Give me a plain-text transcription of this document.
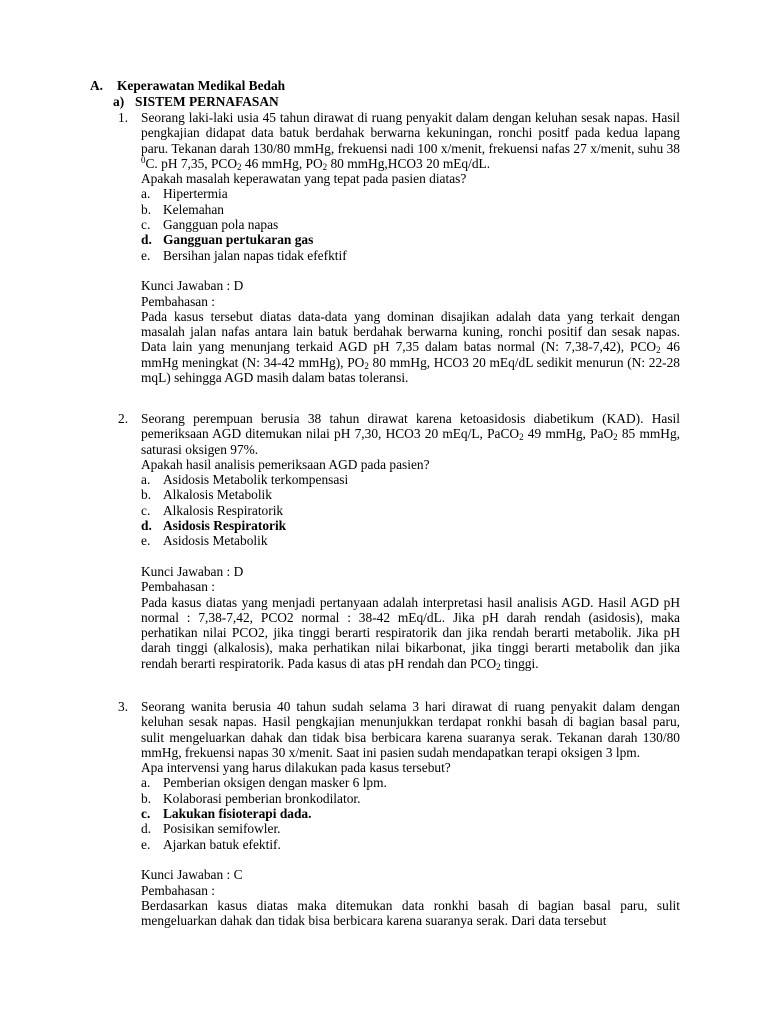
A. Keperawatan Medikal Bedah
a) SISTEM PERNAFASAN
1. Seorang laki-laki usia 45 tahun dirawat di ruang penyakit dalam dengan keluhan sesak napas. Hasil pengkajian didapat data batuk berdahak berwarna kekuningan, ronchi positf pada kedua lapang paru. Tekanan darah 130/80 mmHg, frekuensi nadi 100 x/menit, frekuensi nafas 27 x/menit, suhu 38 $^0$C. pH 7,35, $PCO_2$ 46 mmHg, $PO_2$ 80 mmHg,HCO3 20 mEq/dL.
Apakah masalah keperawatan yang tepat pada pasien diatas?
a. Hipertermia
b. Kelemahan
c. Gangguan pola napas
d. Gangguan pertukaran gas
e. Bersihan jalan napas tidak efefktif
Kunci Jawaban : D
Pembahasan :
Pada kasus tersebut diatas data-data yang dominan disajikan adalah data yang terkait dengan masalah jalan nafas antara lain batuk berdahak berwarna kuning, ronchi positif dan sesak napas. Data lain yang menunjang terkaid AGD pH 7,35 dalam batas normal (N: 7,38-7,42), $PCO_2$ 46 mmHg meningkat (N: 34-42 mmHg), $PO_2$ 80 mmHg, HCO3 20 mEq/dL sedikit menurun (N: 22-28 mqL) sehingga AGD masih dalam batas toleransi.
2. Seorang perempuan berusia 38 tahun dirawat karena ketoasidosis diabetikum (KAD). Hasil pemeriksaan AGD ditemukan nilai pH 7,30, HCO3 20 mEq/L, PaCO$_2$ 49 mmHg, PaO$_2$ 85 mmHg, saturasi oksigen 97%.
Apakah hasil analisis pemeriksaan AGD pada pasien?
a. Asidosis Metabolik terkompensasi
b. Alkalosis Metabolik
c. Alkalosis Respiratorik
d. Asidosis Respiratorik
e. Asidosis Metabolik
Kunci Jawaban : D
Pembahasan :
Pada kasus diatas yang menjadi pertanyaan adalah interpretasi hasil analisis AGD. Hasil AGD pH normal : 7,38-7,42, PCO2 normal : 38-42 mEq/dL. Jika pH darah rendah (asidosis), maka perhatikan nilai PCO2, jika tinggi berarti respiratorik dan jika rendah berarti metabolik. Jika pH darah tinggi (alkalosis), maka perhatikan nilai bikarbonat, jika tinggi berarti metabolik dan jika rendah berarti respiratorik. Pada kasus di atas pH rendah dan $PCO_2$ tinggi.
3. Seorang wanita berusia 40 tahun sudah selama 3 hari dirawat di ruang penyakit dalam dengan keluhan sesak napas. Hasil pengkajian menunjukkan terdapat ronkhi basah di bagian basal paru, sulit mengeluarkan dahak dan tidak bisa berbicara karena suaranya serak. Tekanan darah 130/80 mmHg, frekuensi napas 30 x/menit. Saat ini pasien sudah mendapatkan terapi oksigen 3 lpm.
Apa intervensi yang harus dilakukan pada kasus tersebut?
a. Pemberian oksigen dengan masker 6 lpm.
b. Kolaborasi pemberian bronkodilator.
c. Lakukan fisioterapi dada.
d. Posisikan semifowler.
e. Ajarkan batuk efektif.
Kunci Jawaban : C
Pembahasan :
Berdasarkan kasus diatas maka ditemukan data ronkhi basah di bagian basal paru, sulit mengeluarkan dahak dan tidak bisa berbicara karena suaranya serak. Dari data tersebut
